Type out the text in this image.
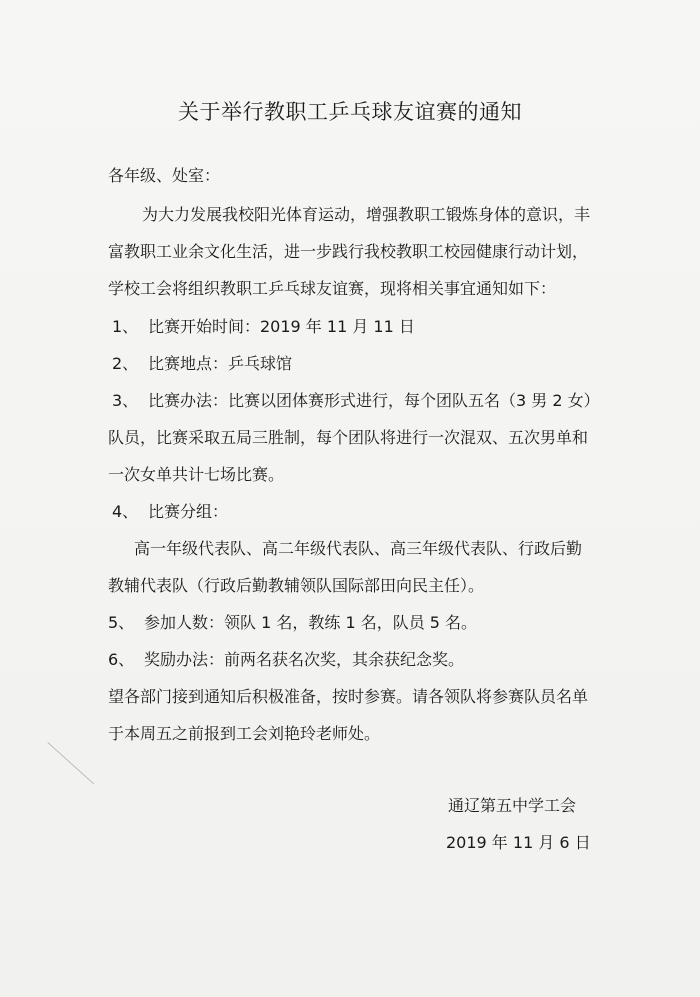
关于举行教职工乒乓球友谊赛的通知
各年级、处室：
为大力发展我校阳光体育运动，增强教职工锻炼身体的意识，丰
富教职工业余文化生活，进一步践行我校教职工校园健康行动计划，
学校工会将组织教职工乒乓球友谊赛，现将相关事宜通知如下：
1、 比赛开始时间：2019 年 11 月 11 日
2、 比赛地点：乒乓球馆
3、 比赛办法：比赛以团体赛形式进行，每个团队五名（3 男 2 女）
队员，比赛采取五局三胜制，每个团队将进行一次混双、五次男单和
一次女单共计七场比赛。
4、 比赛分组：
高一年级代表队、高二年级代表队、高三年级代表队、行政后勤
教辅代表队（行政后勤教辅领队国际部田向民主任）。
5、 参加人数：领队 1 名，教练 1 名，队员 5 名。
6、 奖励办法：前两名获名次奖，其余获纪念奖。
望各部门接到通知后积极准备，按时参赛。请各领队将参赛队员名单
于本周五之前报到工会刘艳玲老师处。
通辽第五中学工会
2019 年 11 月 6 日
